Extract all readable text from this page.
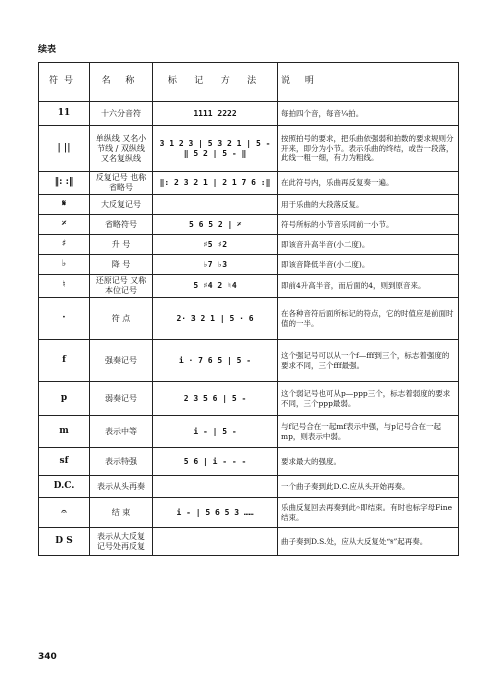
续表
符号	名 称	标 记 方 法	说 明
11	十六分音符	1111 2222	每拍四个音，每音¼拍。
| ||	单纵线 又名小节线 / 双纵线 又名复纵线	3 1 2 3 | 5 3 2 1 | 5 - ‖ 5 2 | 5 - ‖	按照拍号的要求，把乐曲依强弱和拍数的要求规则分开来，即分为小节。表示乐曲的终结，或告一段落，此线一粗一细，有力为粗线。
‖: :‖	反复记号 也称省略号	‖: 2 3 2 1 | 2 1 7 6 :‖	在此符号内，乐曲再反复奏一遍。
𝄋	大反复记号		用于乐曲的大段落反复。
𝄎	省略符号	5 6 5 2 | 𝄎	符号所标的小节音乐同前一小节。
♯	升 号	♯5 ♯2	即该音升高半音(小二度)。
♭	降 号	♭7 ♭3	即该音降低半音(小二度)。
♮	还原记号 又称本位记号	5 ♯4 2 ♮4	即前4升高半音，而后面的4，则到原音来。
·	符 点	2· 3 2 1 | 5 · 6	在各种音符后面所标记的符点，它的时值应是前面时值的一半。
f	强奏记号	i · 7 6 5 | 5 -	这个强记号可以从一个f—fff到三个，标志着强度的要求不同，三个fff最强。
p	弱奏记号	2 3 5 6 | 5 -	这个弱记号也可从p—ppp三个，标志着弱度的要求不同，三个ppp最弱。
m	表示中等	i - | 5 -	与f记号合在一起mf表示中强，与p记号合在一起mp，则表示中弱。
sf	表示特强	5 6 | i - - -	要求最大的强度。
D.C.	表示从头再奏		一个曲子奏到此D.C.应从头开始再奏。
𝄐	结 束	i - | 5 6 5 3 ……	乐曲反复回去再奏到此𝄐即结束。有时也标字母Fine结束。
D S	表示从大反复 记号处再反复		曲子奏到D.S.处，应从大反复处“𝄋”起再奏。
340
